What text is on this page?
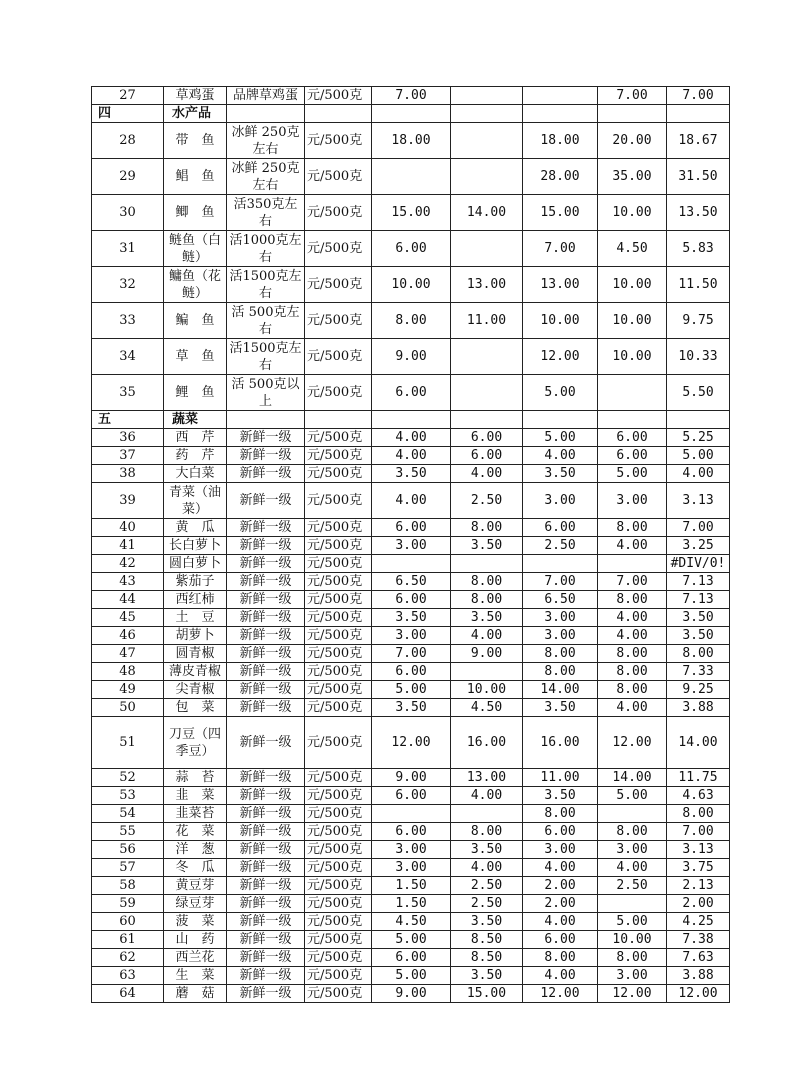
27	草鸡蛋	品牌草鸡蛋	元/500克	7.00			7.00	7.00
四	水产品							
28	带　鱼	冰鲜 250克左右	元/500克	18.00		18.00	20.00	18.67
29	鲳　鱼	冰鲜 250克左右	元/500克			28.00	35.00	31.50
30	鲫　鱼	活350克左右	元/500克	15.00	14.00	15.00	10.00	13.50
31	鲢鱼（白鲢）	活1000克左右	元/500克	6.00		7.00	4.50	5.83
32	鳙鱼（花鲢）	活1500克左右	元/500克	10.00	13.00	13.00	10.00	11.50
33	鳊　鱼	活 500克左右	元/500克	8.00	11.00	10.00	10.00	9.75
34	草　鱼	活1500克左右	元/500克	9.00		12.00	10.00	10.33
35	鲤　鱼	活 500克以上	元/500克	6.00		5.00		5.50
五	蔬菜							
36	西　芹	新鲜一级	元/500克	4.00	6.00	5.00	6.00	5.25
37	药　芹	新鲜一级	元/500克	4.00	6.00	4.00	6.00	5.00
38	大白菜	新鲜一级	元/500克	3.50	4.00	3.50	5.00	4.00
39	青菜（油菜）	新鲜一级	元/500克	4.00	2.50	3.00	3.00	3.13
40	黄　瓜	新鲜一级	元/500克	6.00	8.00	6.00	8.00	7.00
41	长白萝卜	新鲜一级	元/500克	3.00	3.50	2.50	4.00	3.25
42	圆白萝卜	新鲜一级	元/500克					#DIV/0!
43	紫茄子	新鲜一级	元/500克	6.50	8.00	7.00	7.00	7.13
44	西红柿	新鲜一级	元/500克	6.00	8.00	6.50	8.00	7.13
45	土　豆	新鲜一级	元/500克	3.50	3.50	3.00	4.00	3.50
46	胡萝卜	新鲜一级	元/500克	3.00	4.00	3.00	4.00	3.50
47	圆青椒	新鲜一级	元/500克	7.00	9.00	8.00	8.00	8.00
48	薄皮青椒	新鲜一级	元/500克	6.00		8.00	8.00	7.33
49	尖青椒	新鲜一级	元/500克	5.00	10.00	14.00	8.00	9.25
50	包　菜	新鲜一级	元/500克	3.50	4.50	3.50	4.00	3.88
51	刀豆（四季豆）	新鲜一级	元/500克	12.00	16.00	16.00	12.00	14.00
52	蒜　苔	新鲜一级	元/500克	9.00	13.00	11.00	14.00	11.75
53	韭　菜	新鲜一级	元/500克	6.00	4.00	3.50	5.00	4.63
54	韭菜苔	新鲜一级	元/500克			8.00		8.00
55	花　菜	新鲜一级	元/500克	6.00	8.00	6.00	8.00	7.00
56	洋　葱	新鲜一级	元/500克	3.00	3.50	3.00	3.00	3.13
57	冬　瓜	新鲜一级	元/500克	3.00	4.00	4.00	4.00	3.75
58	黄豆芽	新鲜一级	元/500克	1.50	2.50	2.00	2.50	2.13
59	绿豆芽	新鲜一级	元/500克	1.50	2.50	2.00		2.00
60	菠　菜	新鲜一级	元/500克	4.50	3.50	4.00	5.00	4.25
61	山　药	新鲜一级	元/500克	5.00	8.50	6.00	10.00	7.38
62	西兰花	新鲜一级	元/500克	6.00	8.50	8.00	8.00	7.63
63	生　菜	新鲜一级	元/500克	5.00	3.50	4.00	3.00	3.88
64	蘑　菇	新鲜一级	元/500克	9.00	15.00	12.00	12.00	12.00
